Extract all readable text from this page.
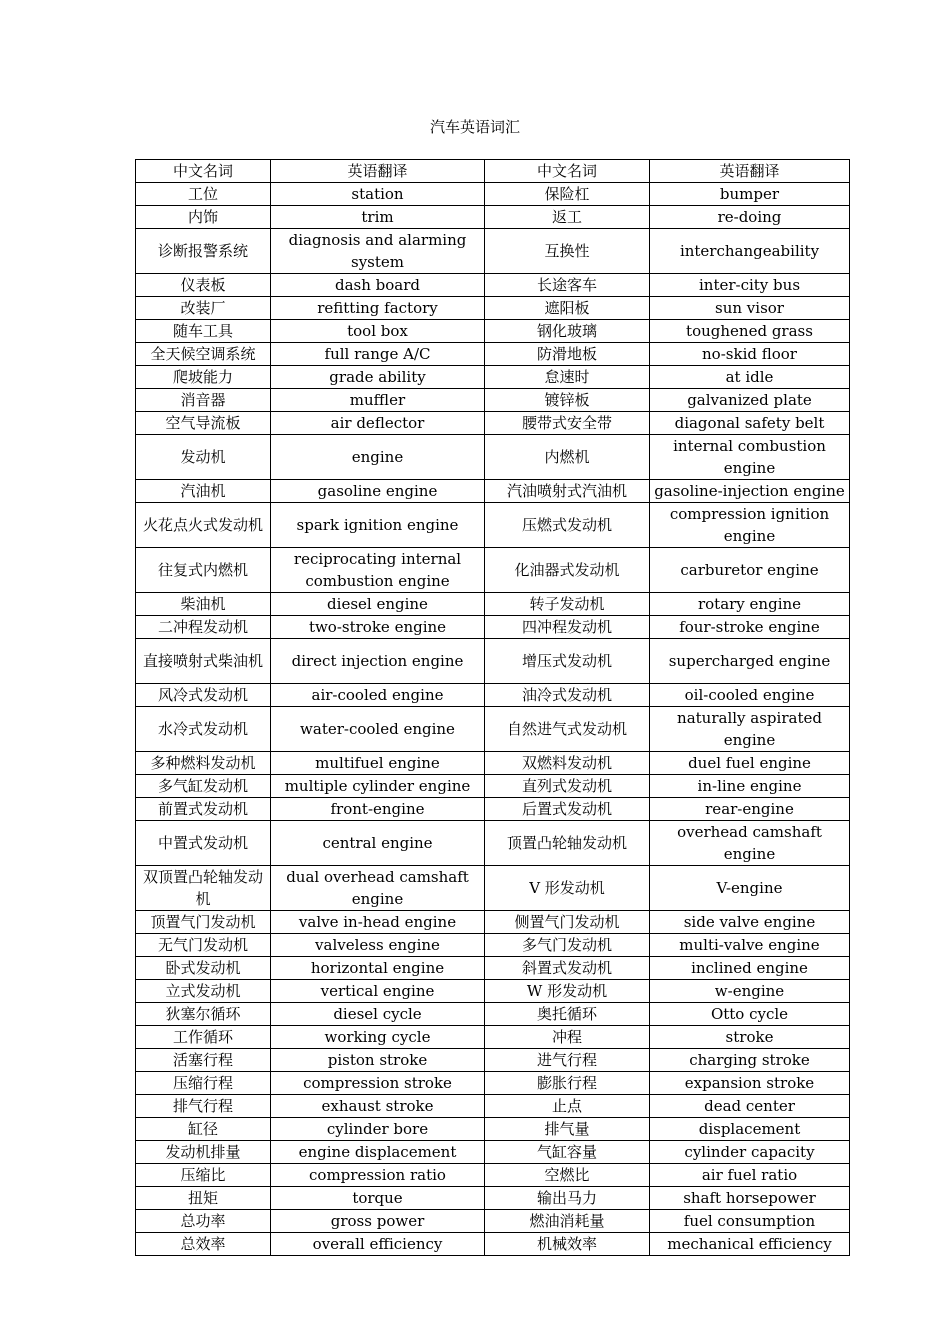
汽车英语词汇
中文名词	英语翻译	中文名词	英语翻译
工位	station	保险杠	bumper
内饰	trim	返工	re-doing
诊断报警系统	diagnosis and alarming system	互换性	interchangeability
仪表板	dash board	长途客车	inter-city bus
改装厂	refitting factory	遮阳板	sun visor
随车工具	tool box	钢化玻璃	toughened grass
全天候空调系统	full range A/C	防滑地板	no-skid floor
爬坡能力	grade ability	怠速时	at idle
消音器	muffler	镀锌板	galvanized plate
空气导流板	air deflector	腰带式安全带	diagonal safety belt
发动机	engine	内燃机	internal combustion engine
汽油机	gasoline engine	汽油喷射式汽油机	gasoline-injection engine
火花点火式发动机	spark ignition engine	压燃式发动机	compression ignition engine
往复式内燃机	reciprocating internal combustion engine	化油器式发动机	carburetor engine
柴油机	diesel engine	转子发动机	rotary engine
二冲程发动机	two-stroke engine	四冲程发动机	four-stroke engine
直接喷射式柴油机	direct injection engine	增压式发动机	supercharged engine
风冷式发动机	air-cooled engine	油冷式发动机	oil-cooled engine
水冷式发动机	water-cooled engine	自然进气式发动机	naturally aspirated engine
多种燃料发动机	multifuel engine	双燃料发动机	duel fuel engine
多气缸发动机	multiple cylinder engine	直列式发动机	in-line engine
前置式发动机	front-engine	后置式发动机	rear-engine
中置式发动机	central engine	顶置凸轮轴发动机	overhead camshaft engine
双顶置凸轮轴发动机	dual overhead camshaft engine	V 形发动机	V-engine
顶置气门发动机	valve in-head engine	侧置气门发动机	side valve engine
无气门发动机	valveless engine	多气门发动机	multi-valve engine
卧式发动机	horizontal engine	斜置式发动机	inclined engine
立式发动机	vertical engine	W 形发动机	w-engine
狄塞尔循环	diesel cycle	奥托循环	Otto cycle
工作循环	working cycle	冲程	stroke
活塞行程	piston stroke	进气行程	charging stroke
压缩行程	compression stroke	膨胀行程	expansion stroke
排气行程	exhaust stroke	止点	dead center
缸径	cylinder bore	排气量	displacement
发动机排量	engine displacement	气缸容量	cylinder capacity
压缩比	compression ratio	空燃比	air fuel ratio
扭矩	torque	输出马力	shaft horsepower
总功率	gross power	燃油消耗量	fuel consumption
总效率	overall efficiency	机械效率	mechanical efficiency
